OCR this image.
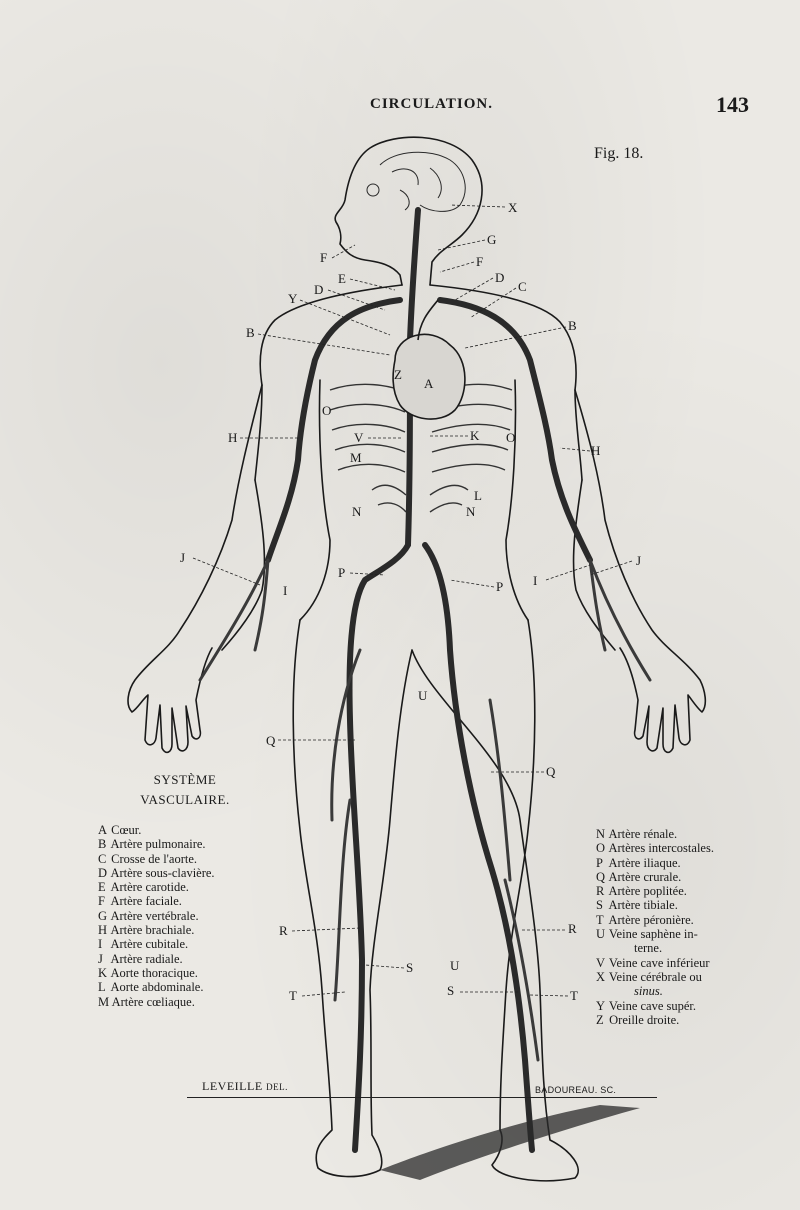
CIRCULATION.	143
Fig. 18.
X
G
F	F
E
D
D
C
Y
B	B
Z
A
O
O
H
H
V	K
M
L
N	N
J	J
I
I
P
P
U
Q
Q
R	R
S
S
U
T	T
SYSTÈME
VASCULAIRE.
A Cœur.
B Artère pulmonaire.
C Crosse de l'aorte.
D Artère sous-clavière.
E Artère carotide.
F Artère faciale.
G Artère vertébrale.
H Artère brachiale.
I Artère cubitale.
J Artère radiale.
K Aorte thoracique.
L Aorte abdominale.
M Artère cœliaque.
N Artère rénale.
O Artères intercostales.
P Artère iliaque.
Q Artère crurale.
R Artère poplitée.
S Artère tibiale.
T Artère péronière.
U Veine saphène in-
terne.
V Veine cave inférieur
X Veine cérébrale ou
sinus.
Y Veine cave supér.
Z Oreille droite.
LEVEILLE DEL.	BADOUREAU. SC.
